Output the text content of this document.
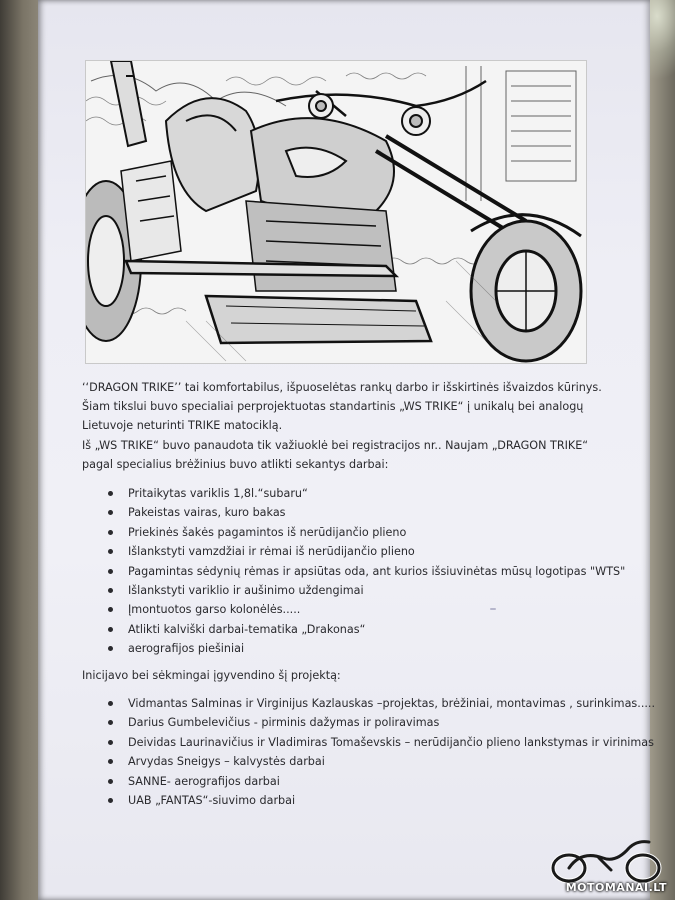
‘‘DRAGON TRIKE’’ tai komfortabilus, išpuoselėtas rankų darbo ir išskirtinės išvaizdos kūrinys. Šiam tikslui buvo specialiai perprojektuotas standartinis „WS TRIKE“ į unikalų bei analogų Lietuvoje neturinti TRIKE matociklą.

Iš „WS TRIKE“ buvo panaudota tik važiuoklė bei registracijos nr.. Naujam „DRAGON TRIKE“ pagal specialius brėžinius buvo atlikti sekantys darbai:

Pritaikytas variklis 1,8l.“subaru“
Pakeistas vairas, kuro bakas
Priekinės šakės pagamintos iš nerūdijančio plieno
Išlankstyti vamzdžiai ir rėmai iš nerūdijančio plieno
Pagamintas sėdynių rėmas ir apsiūtas oda, ant kurios išsiuvinėtas mūsų logotipas "WTS"
Išlankstyti variklio ir aušinimo uždengimai
Įmontuotos garso kolonėlės.....
Atlikti kalviški darbai-tematika „Drakonas“
aerografijos piešiniai
Inicijavo bei sėkmingai įgyvendino šį projektą:
Vidmantas Salminas ir Virginijus Kazlauskas –projektas, brėžiniai, montavimas , surinkimas.....
Darius Gumbelevičius - pirminis dažymas ir poliravimas
Deividas Laurinavičius ir Vladimiras Tomaševskis – nerūdijančio plieno lankstymas ir virinimas
Arvydas Sneigys – kalvystės darbai
SANNE- aerografijos darbai
UAB „FANTAS“-siuvimo darbai
MOTOMANAI.LT
